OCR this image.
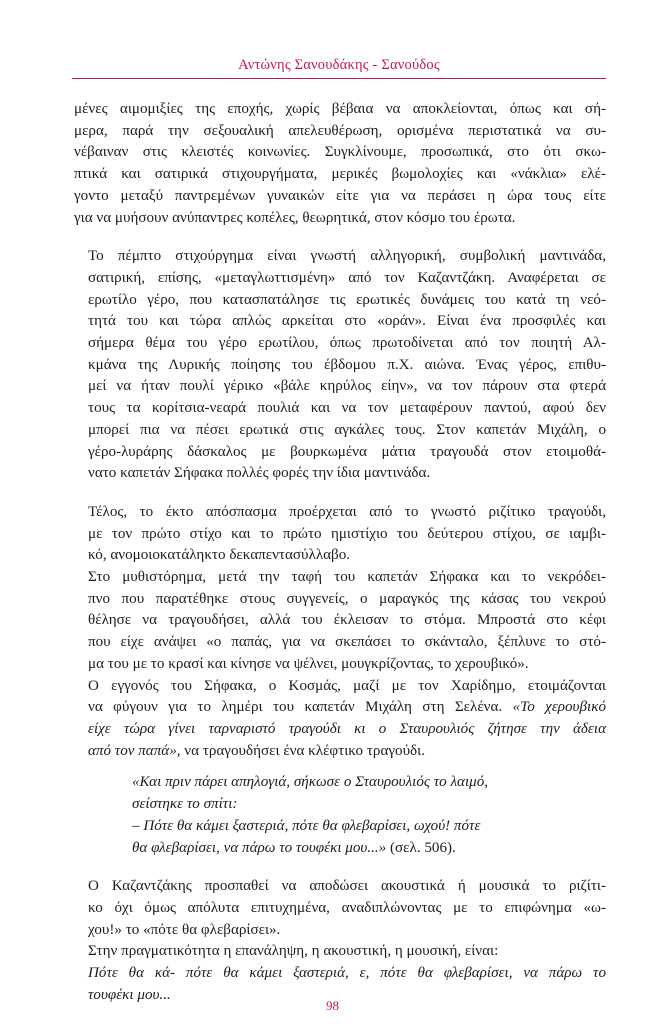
Αντώνης Σανουδάκης - Σανούδος

μένες αιμομιξίες της εποχής, χωρίς βέβαια να αποκλείονται, όπως και σή-
μερα, παρά την σεξουαλική απελευθέρωση, ορισμένα περιστατικά να συ-
νέβαιναν στις κλειστές κοινωνίες. Συγκλίνουμε, προσωπικά, στο ότι σκω-
πτικά και σατιρικά στιχουργήματα, μερικές βωμολοχίες και «νάκλια» ελέ-
γοντο μεταξύ παντρεμένων γυναικών είτε για να περάσει η ώρα τους είτε
για να μυήσουν ανύπαντρες κοπέλες, θεωρητικά, στον κόσμο του έρωτα.

Το πέμπτο στιχούργημα είναι γνωστή αλληγορική, συμβολική μαντινάδα,
σατιρική, επίσης, «μεταγλωττισμένη» από τον Καζαντζάκη. Αναφέρεται σε
ερωτίλο γέρο, που κατασπατάλησε τις ερωτικές δυνάμεις του κατά τη νεό-
τητά του και τώρα απλώς αρκείται στο «οράν». Είναι ένα προσφιλές και
σήμερα θέμα του γέρο ερωτίλου, όπως πρωτοδίνεται από τον ποιητή Αλ-
κμάνα της Λυρικής ποίησης του έβδομου π.Χ. αιώνα. Ένας γέρος, επιθυ-
μεί να ήταν πουλί γέρικο «βάλε κηρύλος είην», να τον πάρουν στα φτερά
τους τα κορίτσια-νεαρά πουλιά και να τον μεταφέρουν παντού, αφού δεν
μπορεί πια να πέσει ερωτικά στις αγκάλες τους. Στον καπετάν Μιχάλη, ο
γέρο-λυράρης δάσκαλος με βουρκωμένα μάτια τραγουδά στον ετοιμοθά-
νατο καπετάν Σήφακα πολλές φορές την ίδια μαντινάδα.

Τέλος, το έκτο απόσπασμα προέρχεται από το γνωστό ριζίτικο τραγούδι,
με τον πρώτο στίχο και το πρώτο ημιστίχιο του δεύτερου στίχου, σε ιαμβι-
κό, ανομοιοκατάληκτο δεκαπεντασύλλαβο.

Στο μυθιστόρημα, μετά την ταφή του καπετάν Σήφακα και το νεκρόδει-
πνο που παρατέθηκε στους συγγενείς, ο μαραγκός της κάσας του νεκρού
θέλησε να τραγουδήσει, αλλά του έκλεισαν το στόμα. Μπροστά στο κέφι
που είχε ανάψει «ο παπάς, για να σκεπάσει το σκάνταλο, ξέπλυνε το στό-
μα του με το κρασί και κίνησε να ψέλνει, μουγκρίζοντας, το χερουβικό».

Ο εγγονός του Σήφακα, ο Κοσμάς, μαζί με τον Χαρίδημο, ετοιμάζονται
να φύγουν για το λημέρι του καπετάν Μιχάλη στη Σελένα. «Το χερουβικό
είχε τώρα γίνει ταρναριστό τραγούδι κι ο Σταυρουλιός ζήτησε την άδεια
από τον παπά», να τραγουδήσει ένα κλέφτικο τραγούδι.

«Και πριν πάρει απηλογιά, σήκωσε ο Σταυρουλιός το λαιμό,
σείστηκε το σπίτι:
– Πότε θα κάμει ξαστεριά, πότε θα φλεβαρίσει, ωχού! πότε
θα φλεβαρίσει, να πάρω το τουφέκι μου...» (σελ. 506).

Ο Καζαντζάκης προσπαθεί να αποδώσει ακουστικά ή μουσικά το ριζίτι-
κο όχι όμως απόλυτα επιτυχημένα, αναδιπλώνοντας με το επιφώνημα «ω-
χου!» το «πότε θα φλεβαρίσει».

Στην πραγματικότητα η επανάληψη, η ακουστική, η μουσική, είναι:
Πότε θα κά- πότε θα κάμει ξαστεριά, ε, πότε θα φλεβαρίσει, να πάρω το
τουφέκι μου...

98
